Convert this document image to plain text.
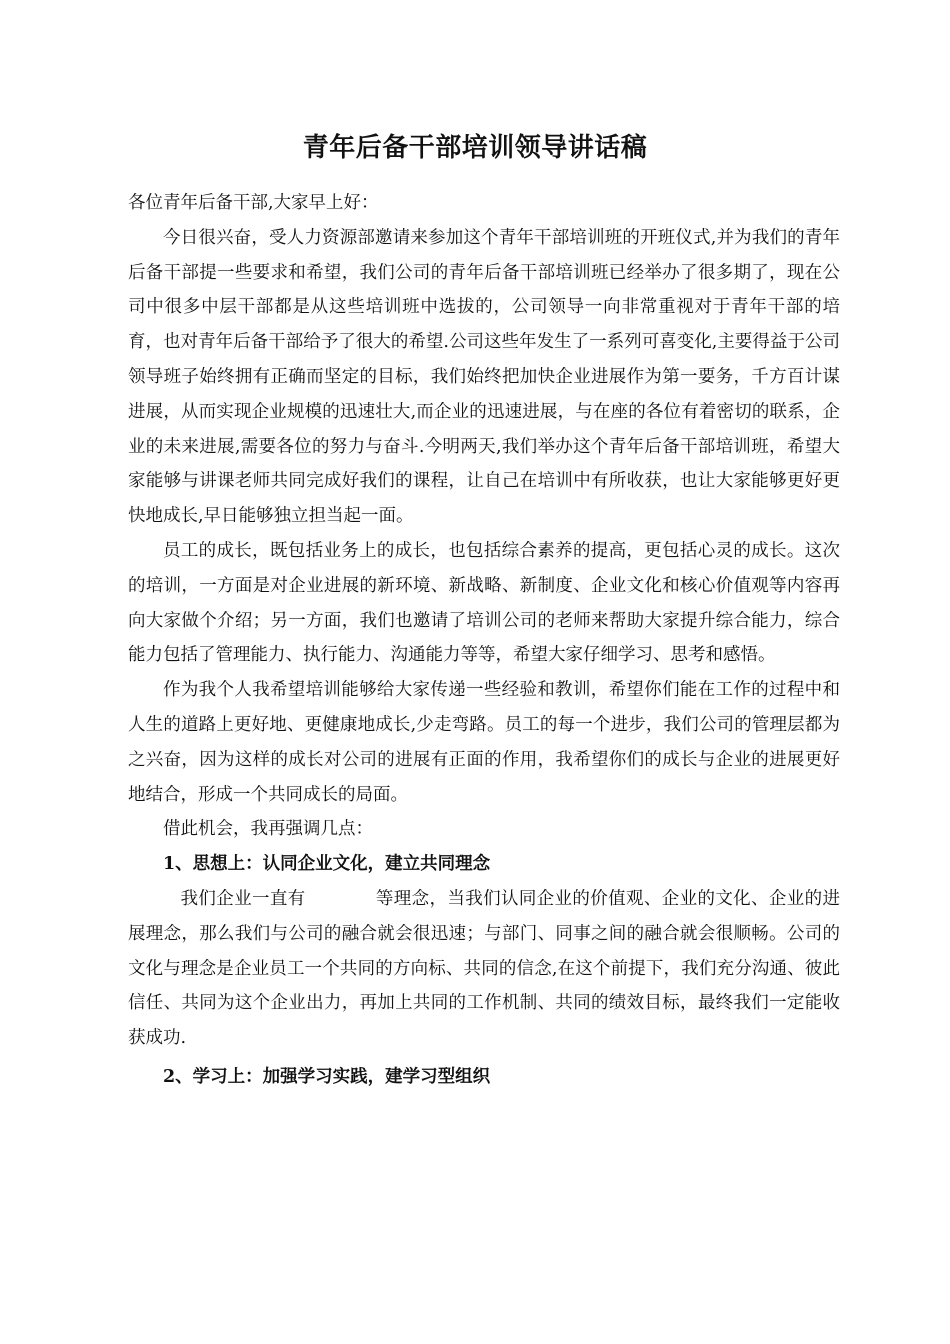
青年后备干部培训领导讲话稿

各位青年后备干部,大家早上好：

今日很兴奋，受人力资源部邀请来参加这个青年干部培训班的开班仪式,并为我们的青年后备干部提一些要求和希望，我们公司的青年后备干部培训班已经举办了很多期了，现在公司中很多中层干部都是从这些培训班中选拔的，公司领导一向非常重视对于青年干部的培育，也对青年后备干部给予了很大的希望.公司这些年发生了一系列可喜变化,主要得益于公司领导班子始终拥有正确而坚定的目标，我们始终把加快企业进展作为第一要务，千方百计谋进展，从而实现企业规模的迅速壮大,而企业的迅速进展，与在座的各位有着密切的联系，企业的未来进展,需要各位的努力与奋斗.今明两天,我们举办这个青年后备干部培训班，希望大家能够与讲课老师共同完成好我们的课程，让自己在培训中有所收获，也让大家能够更好更快地成长,早日能够独立担当起一面。

员工的成长，既包括业务上的成长，也包括综合素养的提高，更包括心灵的成长。这次的培训，一方面是对企业进展的新环境、新战略、新制度、企业文化和核心价值观等内容再向大家做个介绍；另一方面，我们也邀请了培训公司的老师来帮助大家提升综合能力，综合能力包括了管理能力、执行能力、沟通能力等等，希望大家仔细学习、思考和感悟。

作为我个人我希望培训能够给大家传递一些经验和教训，希望你们能在工作的过程中和人生的道路上更好地、更健康地成长,少走弯路。员工的每一个进步，我们公司的管理层都为之兴奋，因为这样的成长对公司的进展有正面的作用，我希望你们的成长与企业的进展更好地结合，形成一个共同成长的局面。

借此机会，我再强调几点：

1、思想上：认同企业文化，建立共同理念

我们企业一直有	等理念，当我们认同企业的价值观、企业的文化、企业的进展理念，那么我们与公司的融合就会很迅速；与部门、同事之间的融合就会很顺畅。公司的文化与理念是企业员工一个共同的方向标、共同的信念,在这个前提下，我们充分沟通、彼此信任、共同为这个企业出力，再加上共同的工作机制、共同的绩效目标，最终我们一定能收获成功.

2、学习上：加强学习实践，建学习型组织
